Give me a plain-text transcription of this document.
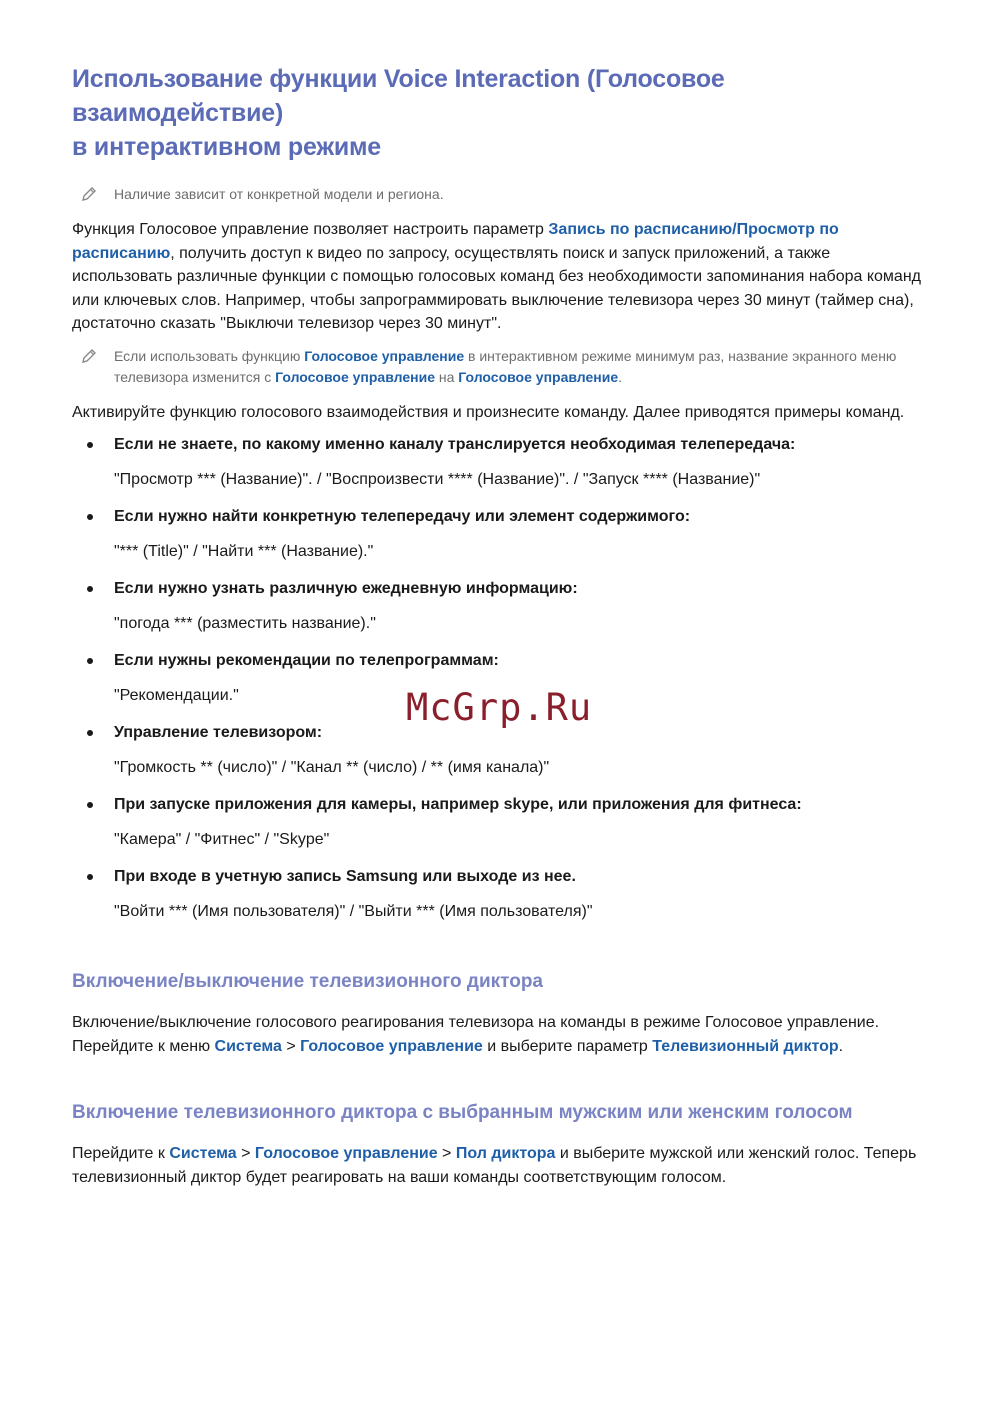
Использование функции Voice Interaction (Голосовое взаимодействие)
в интерактивном режиме
Наличие зависит от конкретной модели и региона.

Функция Голосовое управление позволяет настроить параметр Запись по расписанию/Просмотр по расписанию, получить доступ к видео по запросу, осуществлять поиск и запуск приложений, а также использовать различные функции с помощью голосовых команд без необходимости запоминания набора команд или ключевых слов. Например, чтобы запрограммировать выключение телевизора через 30 минут (таймер сна), достаточно сказать "Выключи телевизор через 30 минут".

Если использовать функцию Голосовое управление в интерактивном режиме минимум раз, название экранного меню телевизора изменится с Голосовое управление на Голосовое управление.

Активируйте функцию голосового взаимодействия и произнесите команду. Далее приводятся примеры команд.

Если не знаете, по какому именно каналу транслируется необходимая телепередача:
"Просмотр *** (Название)". / "Воспроизвести **** (Название)". / "Запуск **** (Название)"
Если нужно найти конкретную телепередачу или элемент содержимого:
"*** (Title)" / "Найти *** (Название)."
Если нужно узнать различную ежедневную информацию:
"погода *** (разместить название)."
Если нужны рекомендации по телепрограммам:
"Рекомендации."
Управление телевизором:
"Громкость ** (число)" / "Канал ** (число) / ** (имя канала)"
При запуске приложения для камеры, например skype, или приложения для фитнеса:
"Камера" / "Фитнес" / "Skype"
При входе в учетную запись Samsung или выходе из нее.
"Войти *** (Имя пользователя)" / "Выйти *** (Имя пользователя)"
Включение/выключение телевизионного диктора

Включение/выключение голосового реагирования телевизора на команды в режиме Голосовое управление. Перейдите к меню Система > Голосовое управление и выберите параметр Телевизионный диктор.

Включение телевизионного диктора с выбранным мужским или женским голосом

Перейдите к Система > Голосовое управление > Пол диктора и выберите мужской или женский голос. Теперь телевизионный диктор будет реагировать на ваши команды соответствующим голосом.

McGrp.Ru
